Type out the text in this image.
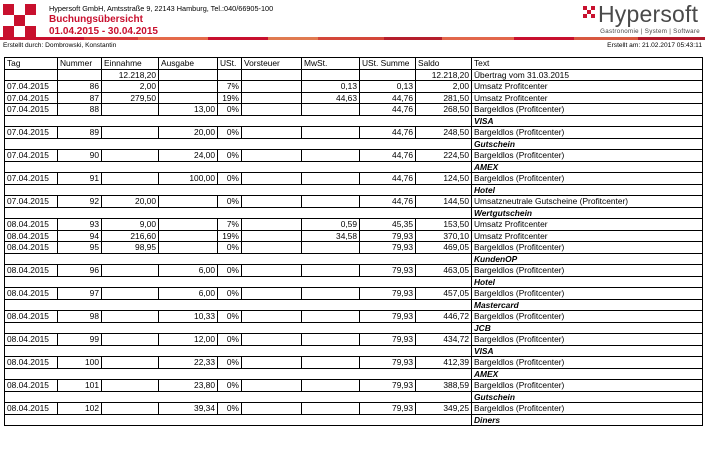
Hypersoft GmbH, Amtsstraße 9, 22143 Hamburg, Tel.:040/66905-100
Buchungsübersicht
01.04.2015 - 30.04.2015
Hypersoft
Gastronomie | System | Software
Erstellt durch: Dombrowski, Konstantin	Erstellt am: 21.02.2017 05:43:11
Tag	Nummer	Einnahme	Ausgabe	USt.	Vorsteuer	MwSt.	USt. Summe	Saldo	Text
		12.218,20						12.218,20	Übertrag vom 31.03.2015
07.04.2015	86	2,00		7%		0,13	0,13	2,00	Umsatz Profitcenter
07.04.2015	87	279,50		19%		44,63	44,76	281,50	Umsatz Profitcenter
07.04.2015	88		13,00	0%			44,76	268,50	Bargeldlos (Profitcenter)
									VISA
07.04.2015	89		20,00	0%			44,76	248,50	Bargeldlos (Profitcenter)
									Gutschein
07.04.2015	90		24,00	0%			44,76	224,50	Bargeldlos (Profitcenter)
									AMEX
07.04.2015	91		100,00	0%			44,76	124,50	Bargeldlos (Profitcenter)
									Hotel
07.04.2015	92	20,00		0%			44,76	144,50	Umsatzneutrale Gutscheine (Profitcenter)
									Wertgutschein
08.04.2015	93	9,00		7%		0,59	45,35	153,50	Umsatz Profitcenter
08.04.2015	94	216,60		19%		34,58	79,93	370,10	Umsatz Profitcenter
08.04.2015	95	98,95		0%			79,93	469,05	Bargeldlos (Profitcenter)
									KundenOP
08.04.2015	96		6,00	0%			79,93	463,05	Bargeldlos (Profitcenter)
									Hotel
08.04.2015	97		6,00	0%			79,93	457,05	Bargeldlos (Profitcenter)
									Mastercard
08.04.2015	98		10,33	0%			79,93	446,72	Bargeldlos (Profitcenter)
									JCB
08.04.2015	99		12,00	0%			79,93	434,72	Bargeldlos (Profitcenter)
									VISA
08.04.2015	100		22,33	0%			79,93	412,39	Bargeldlos (Profitcenter)
									AMEX
08.04.2015	101		23,80	0%			79,93	388,59	Bargeldlos (Profitcenter)
									Gutschein
08.04.2015	102		39,34	0%			79,93	349,25	Bargeldlos (Profitcenter)
									Diners
